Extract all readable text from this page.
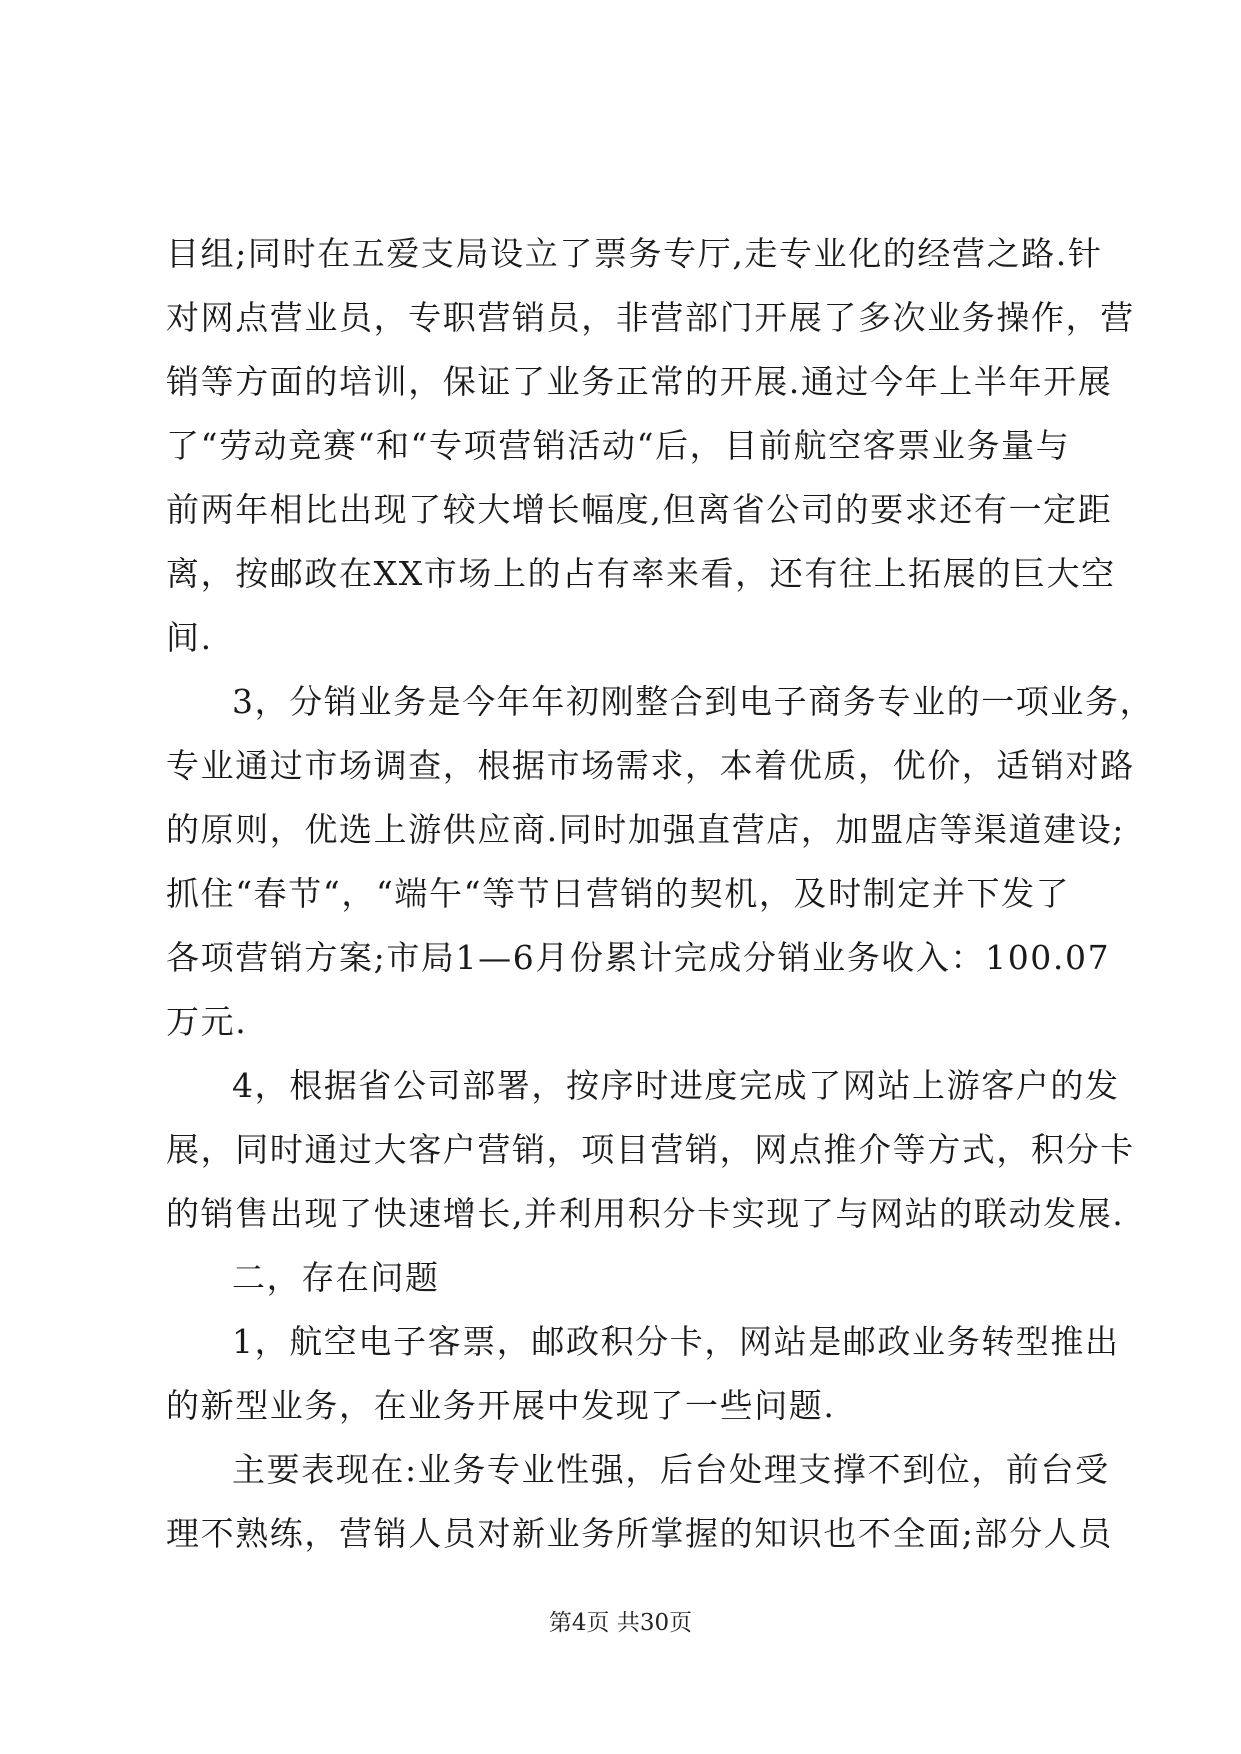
目组;同时在五爱支局设立了票务专厅,走专业化的经营之路.针
对网点营业员，专职营销员，非营部门开展了多次业务操作，营
销等方面的培训，保证了业务正常的开展.通过今年上半年开展
了“劳动竞赛“和“专项营销活动“后，目前航空客票业务量与
前两年相比出现了较大增长幅度,但离省公司的要求还有一定距
离，按邮政在XX市场上的占有率来看，还有往上拓展的巨大空
间.
3，分销业务是今年年初刚整合到电子商务专业的一项业务，
专业通过市场调查，根据市场需求，本着优质，优价，适销对路
的原则，优选上游供应商.同时加强直营店，加盟店等渠道建设;
抓住“春节“，“端午“等节日营销的契机，及时制定并下发了
各项营销方案;市局1—6月份累计完成分销业务收入：100.07
万元.
4，根据省公司部署，按序时进度完成了网站上游客户的发
展，同时通过大客户营销，项目营销，网点推介等方式，积分卡
的销售出现了快速增长,并利用积分卡实现了与网站的联动发展.
二，存在问题
1，航空电子客票，邮政积分卡，网站是邮政业务转型推出
的新型业务，在业务开展中发现了一些问题.
主要表现在:业务专业性强，后台处理支撑不到位，前台受
理不熟练，营销人员对新业务所掌握的知识也不全面;部分人员
第4页 共30页
